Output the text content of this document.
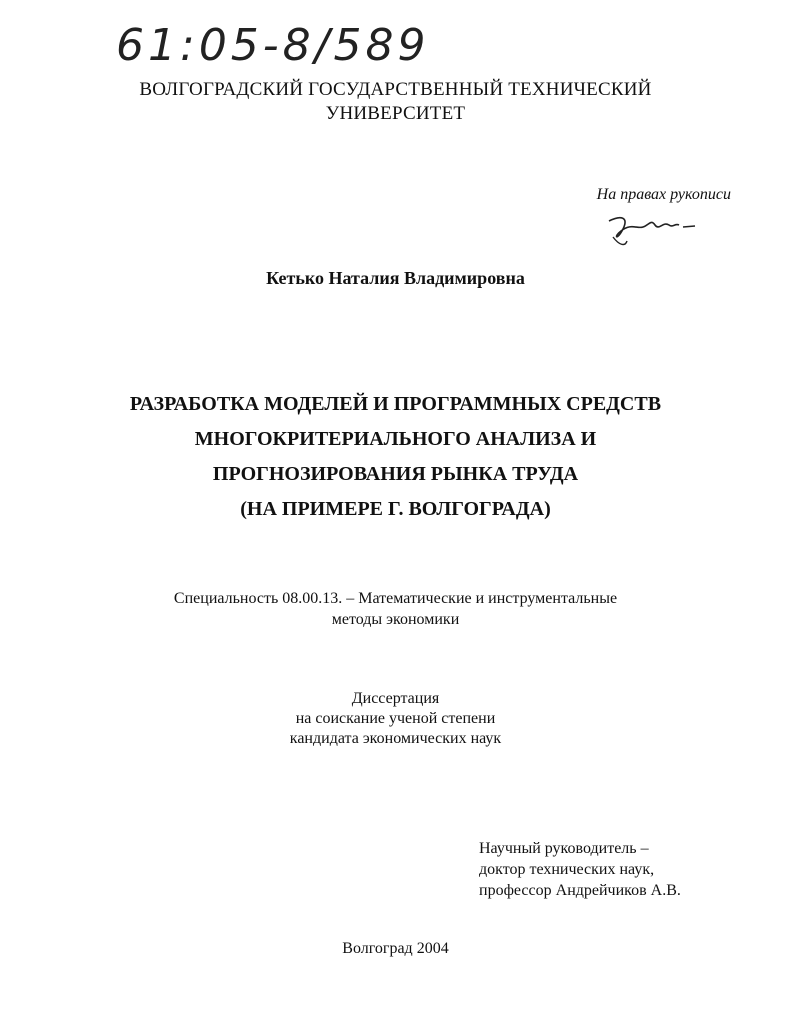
61:05-8/589
ВОЛГОГРАДСКИЙ ГОСУДАРСТВЕННЫЙ ТЕХНИЧЕСКИЙ
УНИВЕРСИТЕТ
На правах рукописи
Кетько Наталия Владимировна
РАЗРАБОТКА МОДЕЛЕЙ И ПРОГРАММНЫХ СРЕДСТВ
МНОГОКРИТЕРИАЛЬНОГО АНАЛИЗА И
ПРОГНОЗИРОВАНИЯ РЫНКА ТРУДА
(НА ПРИМЕРЕ Г. ВОЛГОГРАДА)
Специальность 08.00.13. – Математические и инструментальные
методы экономики
Диссертация
на соискание ученой степени
кандидата экономических наук
Научный руководитель –
доктор технических наук,
профессор Андрейчиков А.В.
Волгоград 2004
